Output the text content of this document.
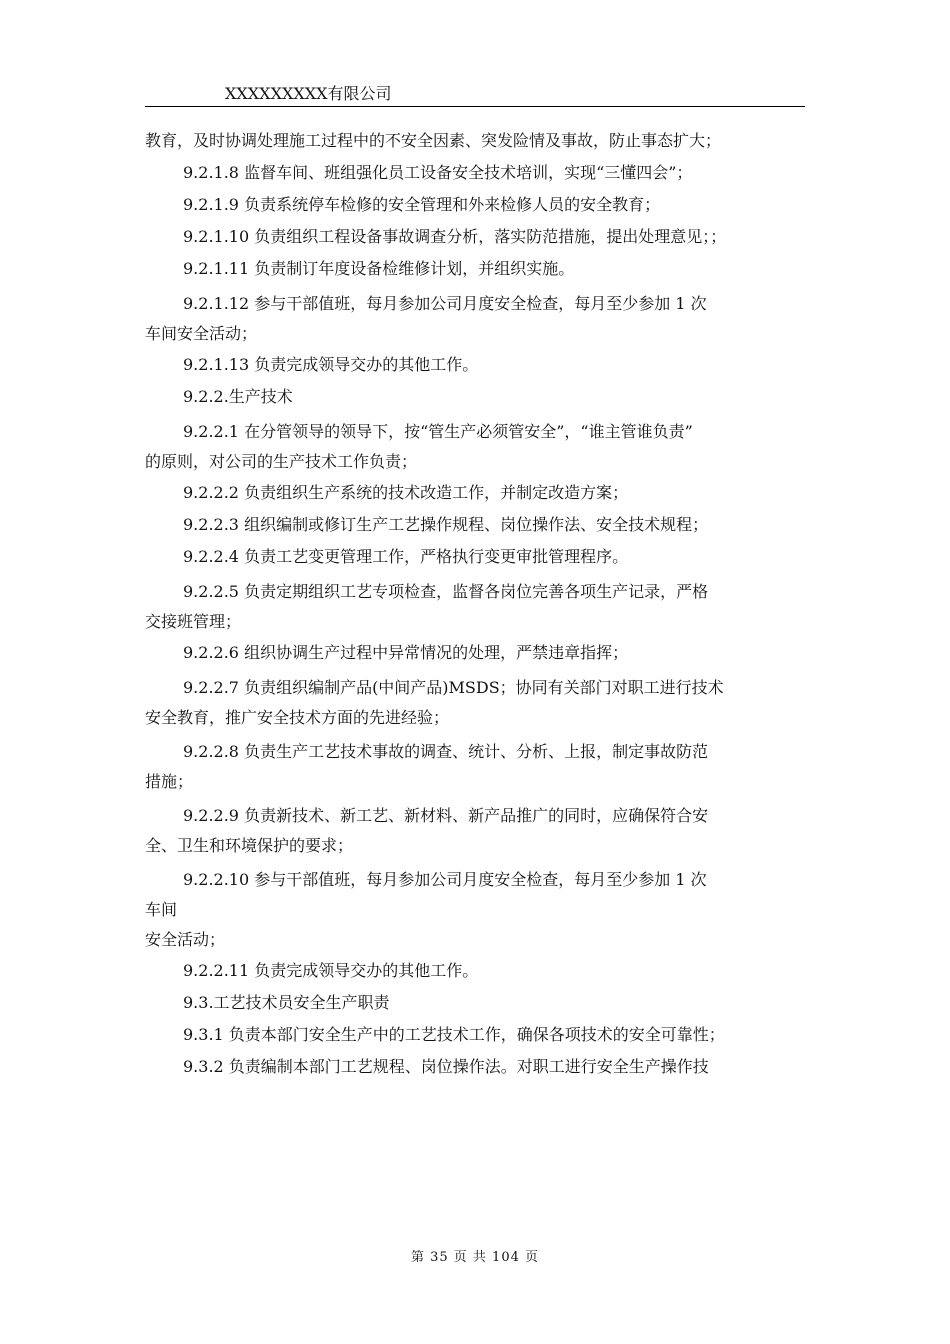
XXXXXXXXX有限公司
教育，及时协调处理施工过程中的不安全因素、突发险情及事故，防止事态扩大；
9.2.1.8 监督车间、班组强化员工设备安全技术培训，实现“三懂四会”；
9.2.1.9 负责系统停车检修的安全管理和外来检修人员的安全教育；
9.2.1.10 负责组织工程设备事故调查分析，落实防范措施，提出处理意见；；
9.2.1.11 负责制订年度设备检维修计划，并组织实施。
9.2.1.12 参与干部值班，每月参加公司月度安全检查，每月至少参加 1 次
车间安全活动；
9.2.1.13 负责完成领导交办的其他工作。
9.2.2.生产技术
9.2.2.1 在分管领导的领导下，按“管生产必须管安全”，“谁主管谁负责”
的原则，对公司的生产技术工作负责；
9.2.2.2 负责组织生产系统的技术改造工作，并制定改造方案；
9.2.2.3 组织编制或修订生产工艺操作规程、岗位操作法、安全技术规程；
9.2.2.4 负责工艺变更管理工作，严格执行变更审批管理程序。
9.2.2.5 负责定期组织工艺专项检查，监督各岗位完善各项生产记录，严格
交接班管理；
9.2.2.6 组织协调生产过程中异常情况的处理，严禁违章指挥；
9.2.2.7 负责组织编制产品(中间产品)MSDS；协同有关部门对职工进行技术
安全教育，推广安全技术方面的先进经验；
9.2.2.8 负责生产工艺技术事故的调查、统计、分析、上报，制定事故防范
措施；
9.2.2.9 负责新技术、新工艺、新材料、新产品推广的同时，应确保符合安
全、卫生和环境保护的要求；
9.2.2.10 参与干部值班，每月参加公司月度安全检查，每月至少参加 1 次
车间
安全活动；
9.2.2.11 负责完成领导交办的其他工作。
9.3.工艺技术员安全生产职责
9.3.1 负责本部门安全生产中的工艺技术工作，确保各项技术的安全可靠性；
9.3.2 负责编制本部门工艺规程、岗位操作法。对职工进行安全生产操作技
第 35 页 共 104 页
